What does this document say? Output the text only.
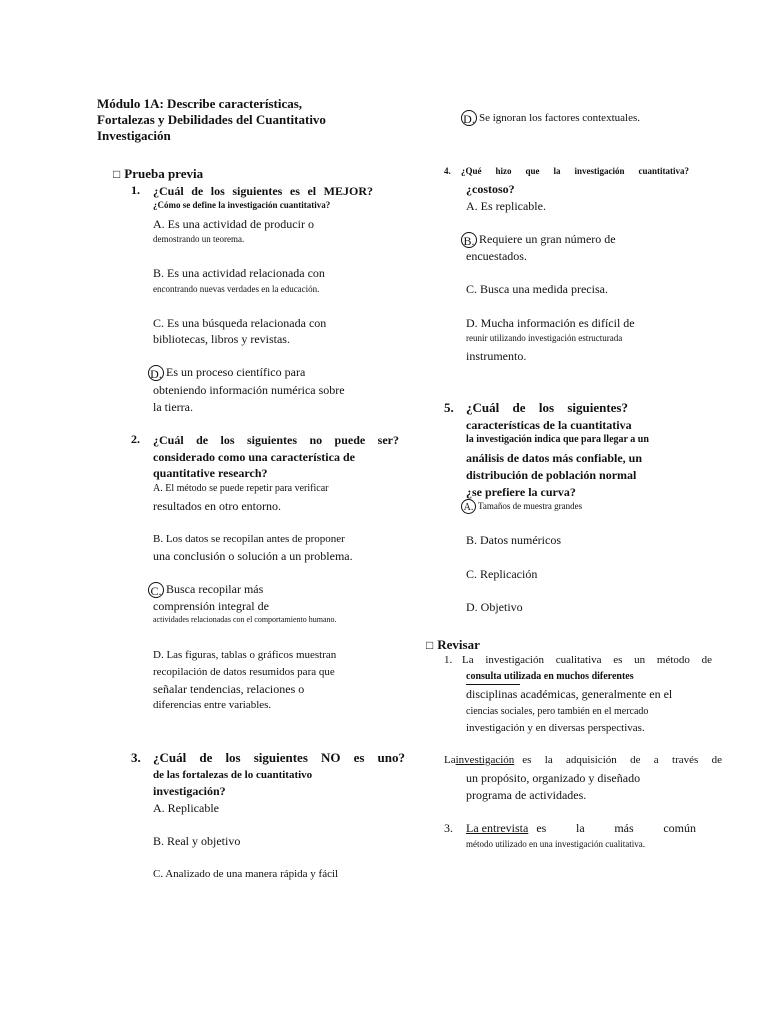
Módulo 1A: Describe características, Fortalezas y Debilidades del Cuantitativo Investigación
□ Prueba previa
1. ¿Cuál de los siguientes es el MEJOR?
¿Cómo se define la investigación cuantitativa?
A. Es una actividad de producir o
demostrando un teorema.
B. Es una actividad relacionada con
encontrando nuevas verdades en la educación.
C. Es una búsqueda relacionada con
bibliotecas, libros y revistas.
D. Es un proceso científico para
obteniendo información numérica sobre
la tierra.
2. ¿Cuál de los siguientes no puede ser?
considerado como una característica de
quantitative research?
A. El método se puede repetir para verificar
resultados en otro entorno.
B. Los datos se recopilan antes de proponer
una conclusión o solución a un problema.
C. Busca recopilar más
comprensión integral de
actividades relacionadas con el comportamiento humano.
D. Las figuras, tablas o gráficos muestran
recopilación de datos resumidos para que
señalar tendencias, relaciones o
diferencias entre variables.
3. ¿Cuál de los siguientes NO es uno?
de las fortalezas de lo cuantitativo
investigación?
A. Replicable
B. Real y objetivo
C. Analizado de una manera rápida y fácil
D. Se ignoran los factores contextuales.
4. ¿Qué hizo que la investigación cuantitativa?
¿costoso?
A. Es replicable.
B. Requiere un gran número de
encuestados.
C. Busca una medida precisa.
D. Mucha información es difícil de
reunir utilizando investigación estructurada
instrumento.
5. ¿Cuál de los siguientes?
características de la cuantitativa
la investigación indica que para llegar a un
análisis de datos más confiable, un
distribución de población normal
¿se prefiere la curva?
A. Tamaños de muestra grandes
B. Datos numéricos
C. Replicación
D. Objetivo
□ Revisar
1. La investigación cualitativa es un método de
consulta utilizada en muchos diferentes
disciplinas académicas, generalmente en el
ciencias sociales, pero también en el mercado
investigación y en diversas perspectivas.
La investigación es la adquisición de a través de
un propósito, organizado y diseñado
programa de actividades.
3. La entrevista es la más común
método utilizado en una investigación cualitativa.
